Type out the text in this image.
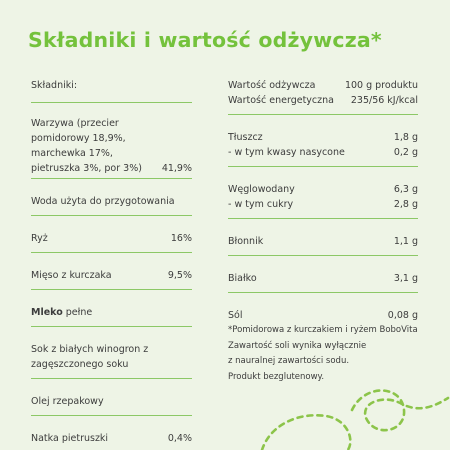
Składniki i wartość odżywcza*
Składniki:
Warzywa (przecier pomidorowy 18,9%, marchewka 17%, pietruszka 3%, por 3%)	41,9%
Woda użyta do przygotowania
Ryż	16%
Mięso z kurczaka	9,5%
Mleko pełne
Sok z białych winogron z zagęszczonego soku
Olej rzepakowy
Natka pietruszki	0,4%
Wartość odżywcza	100 g produktu
Wartość energetyczna	235/56 kJ/kcal
Tłuszcz	1,8 g
- w tym kwasy nasycone	0,2 g
Węglowodany	6,3 g
- w tym cukry	2,8 g
Błonnik	1,1 g
Białko	3,1 g
Sól	0,08 g
*Pomidorowa z kurczakiem i ryżem BoboVita
Zawartość soli wynika wyłącznie
z nauralnej zawartości sodu.
Produkt bezglutenowy.
